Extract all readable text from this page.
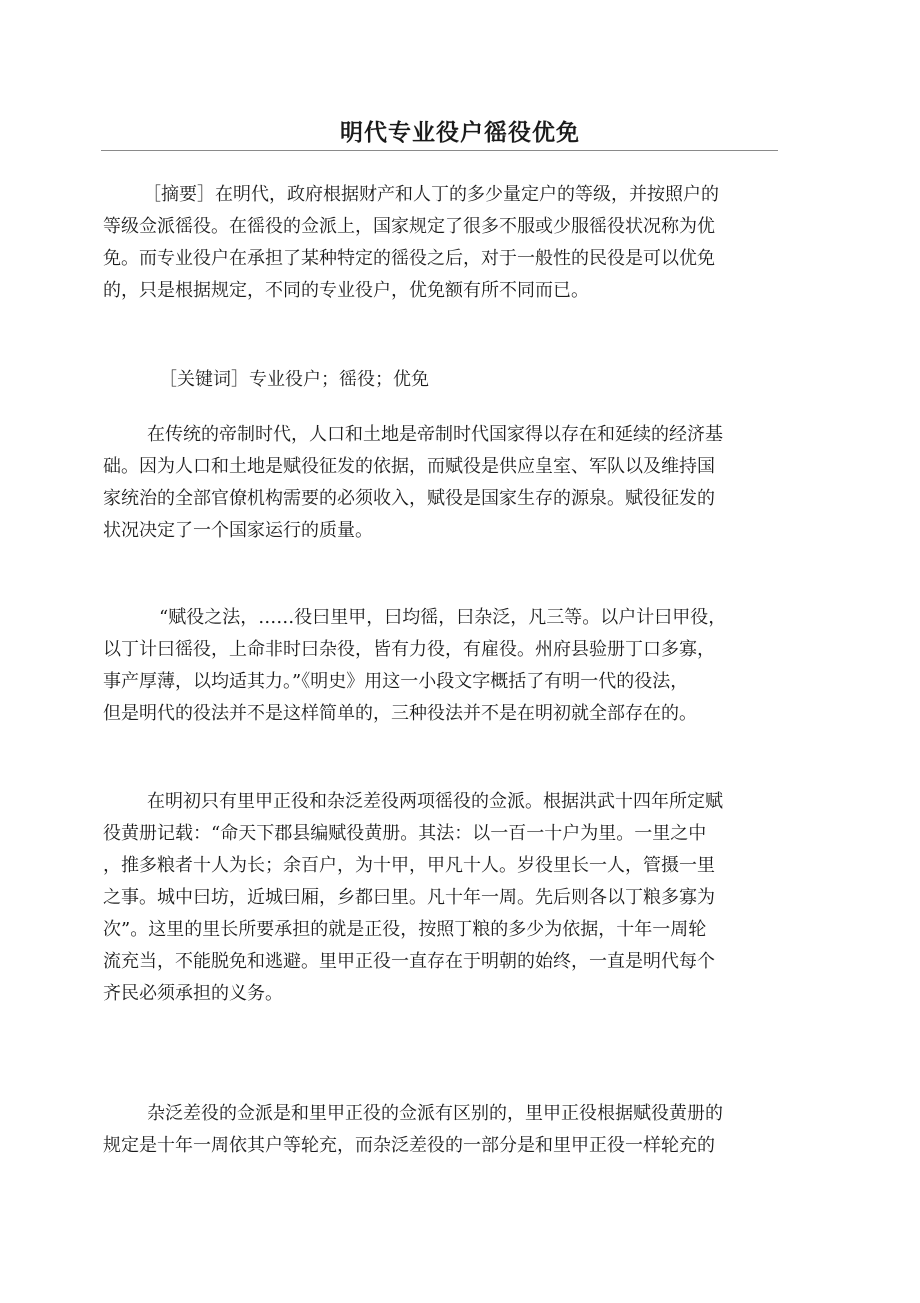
明代专业役户徭役优免
［摘要］在明代，政府根据财产和人丁的多少量定户的等级，并按照户的
等级佥派徭役。在徭役的佥派上，国家规定了很多不服或少服徭役状况称为优
免。而专业役户在承担了某种特定的徭役之后，对于一般性的民役是可以优免
的，只是根据规定，不同的专业役户，优免额有所不同而已。
［关键词］专业役户；徭役；优免
在传统的帝制时代，人口和土地是帝制时代国家得以存在和延续的经济基
础。因为人口和土地是赋役征发的依据，而赋役是供应皇室、军队以及维持国
家统治的全部官僚机构需要的必须收入，赋役是国家生存的源泉。赋役征发的
状况决定了一个国家运行的质量。
“赋役之法，……役曰里甲，曰均徭，曰杂泛，凡三等。以户计曰甲役，
以丁计曰徭役，上命非时曰杂役，皆有力役，有雇役。州府县验册丁口多寡，
事产厚薄，以均适其力。”《明史》用这一小段文字概括了有明一代的役法，
但是明代的役法并不是这样简单的，三种役法并不是在明初就全部存在的。
在明初只有里甲正役和杂泛差役两项徭役的佥派。根据洪武十四年所定赋
役黄册记载：“命天下郡县编赋役黄册。其法：以一百一十户为里。一里之中
，推多粮者十人为长；余百户，为十甲，甲凡十人。岁役里长一人，管摄一里
之事。城中曰坊，近城曰厢，乡都曰里。凡十年一周。先后则各以丁粮多寡为
次”。这里的里长所要承担的就是正役，按照丁粮的多少为依据，十年一周轮
流充当，不能脱免和逃避。里甲正役一直存在于明朝的始终，一直是明代每个
齐民必须承担的义务。
杂泛差役的佥派是和里甲正役的佥派有区别的，里甲正役根据赋役黄册的
规定是十年一周依其户等轮充，而杂泛差役的一部分是和里甲正役一样轮充的
